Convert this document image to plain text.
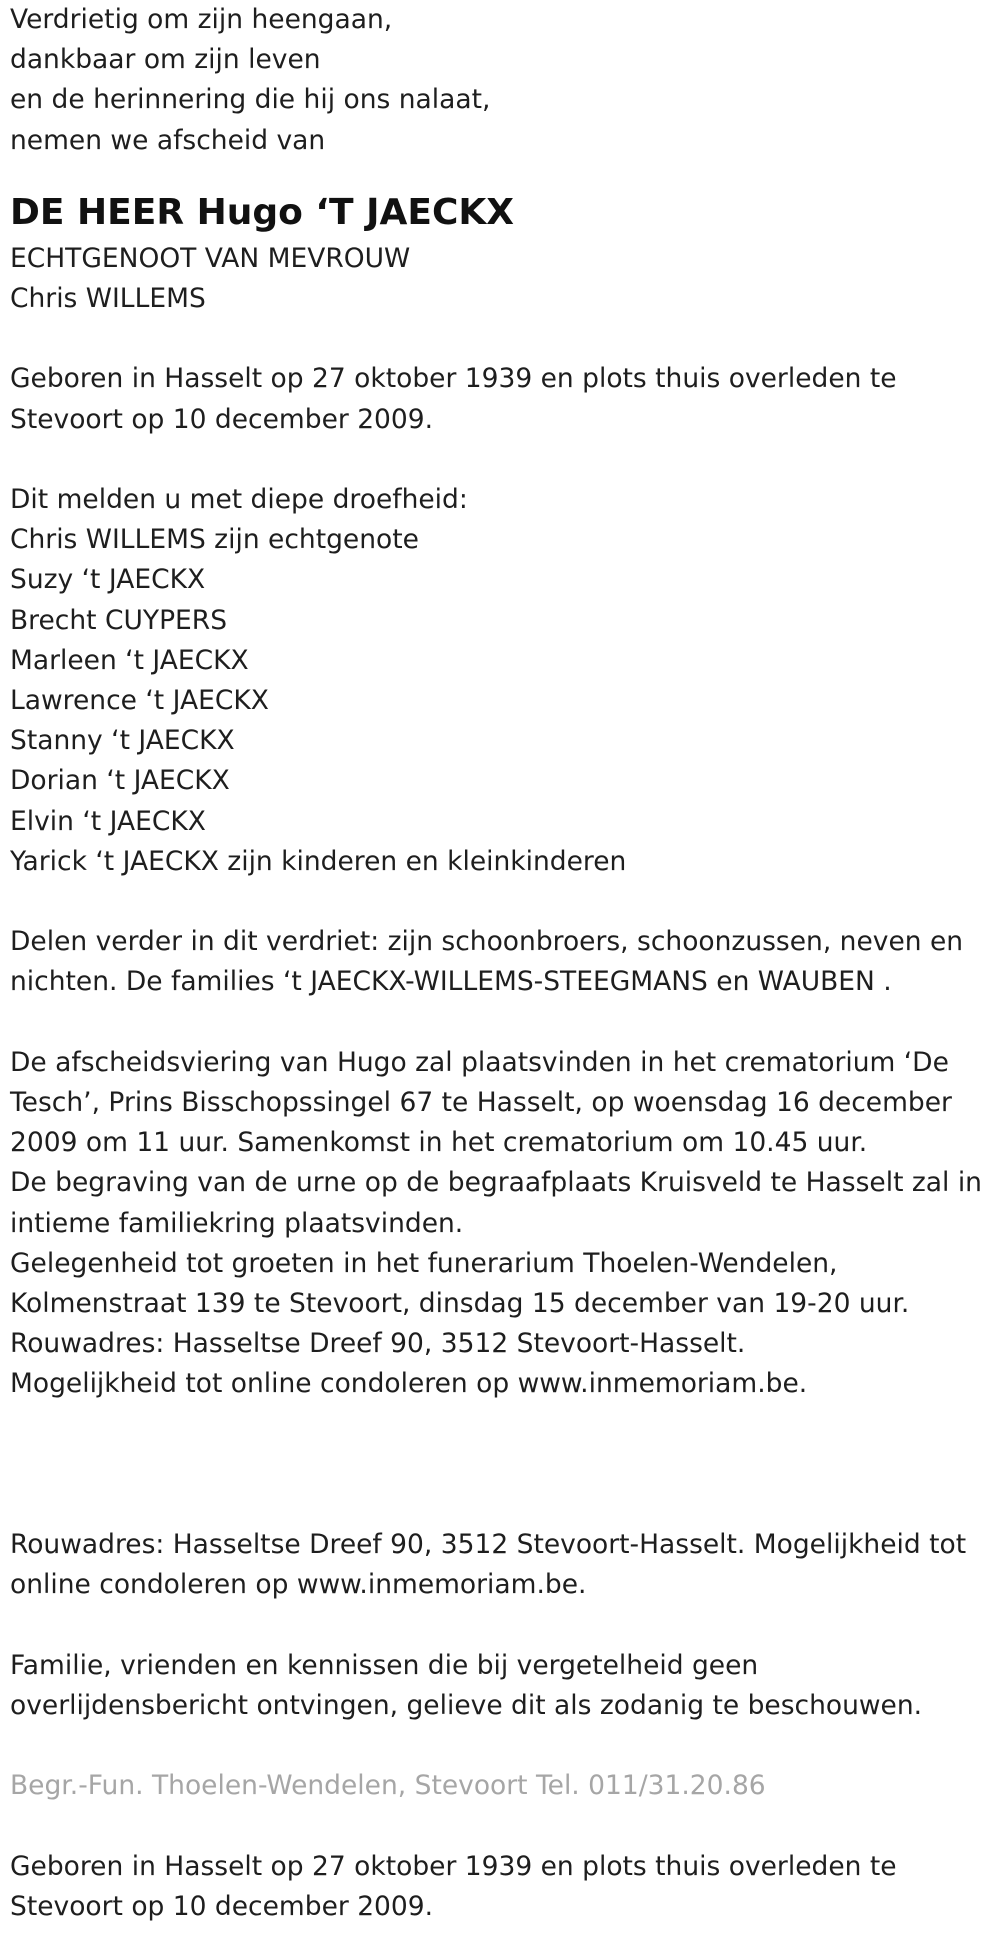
Verdrietig om zijn heengaan,
dankbaar om zijn leven
en de herinnering die hij ons nalaat,
nemen we afscheid van
DE HEER Hugo ‘T JAECKX
ECHTGENOOT VAN MEVROUW
Chris WILLEMS
Geboren in Hasselt op 27 oktober 1939 en plots thuis overleden te
Stevoort op 10 december 2009.
Dit melden u met diepe droefheid:
Chris WILLEMS zijn echtgenote
Suzy ‘t JAECKX
Brecht CUYPERS
Marleen ‘t JAECKX
Lawrence ‘t JAECKX
Stanny ‘t JAECKX
Dorian ‘t JAECKX
Elvin ‘t JAECKX
Yarick ‘t JAECKX zijn kinderen en kleinkinderen
Delen verder in dit verdriet: zijn schoonbroers, schoonzussen, neven en
nichten. De families ‘t JAECKX-WILLEMS-STEEGMANS en WAUBEN .
De afscheidsviering van Hugo zal plaatsvinden in het crematorium ‘De
Tesch’, Prins Bisschopssingel 67 te Hasselt, op woensdag 16 december
2009 om 11 uur. Samenkomst in het crematorium om 10.45 uur.
De begraving van de urne op de begraafplaats Kruisveld te Hasselt zal in
intieme familiekring plaatsvinden.
Gelegenheid tot groeten in het funerarium Thoelen-Wendelen,
Kolmenstraat 139 te Stevoort, dinsdag 15 december van 19-20 uur.
Rouwadres: Hasseltse Dreef 90, 3512 Stevoort-Hasselt.
Mogelijkheid tot online condoleren op www.inmemoriam.be.
Rouwadres: Hasseltse Dreef 90, 3512 Stevoort-Hasselt. Mogelijkheid tot
online condoleren op www.inmemoriam.be.
Familie, vrienden en kennissen die bij vergetelheid geen
overlijdensbericht ontvingen, gelieve dit als zodanig te beschouwen.
Begr.-Fun. Thoelen-Wendelen, Stevoort Tel. 011/31.20.86
Geboren in Hasselt op 27 oktober 1939 en plots thuis overleden te
Stevoort op 10 december 2009.
